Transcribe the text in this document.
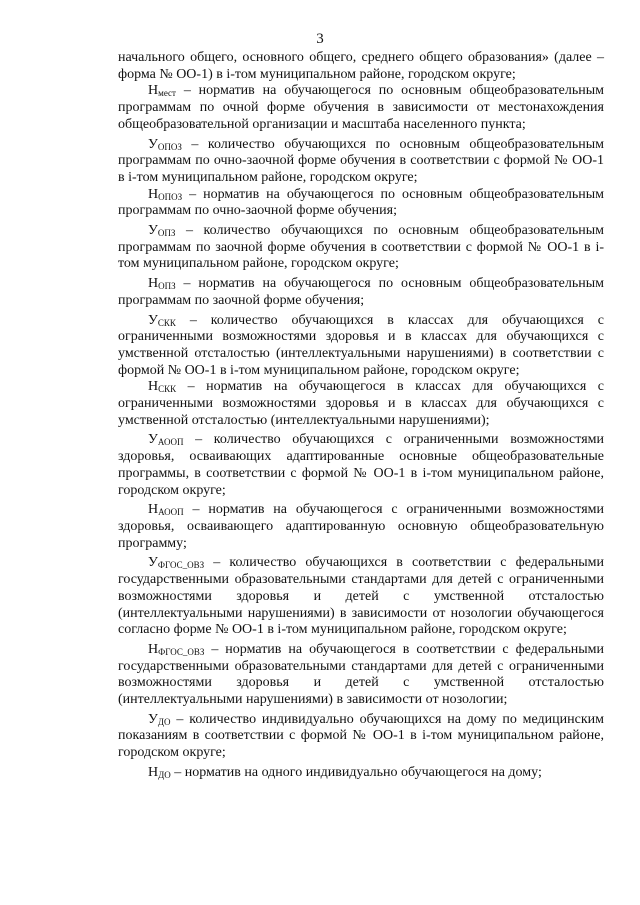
3

начального общего, основного общего, среднего общего образования» (далее – форма № ОО-1) в i-том муниципальном районе, городском округе;

$Н_{мест}$ – норматив на обучающегося по основным общеобразовательным программам по очной форме обучения в зависимости от местонахождения общеобразовательной организации и масштаба населенного пункта;

$У_{ОПОЗ}$ – количество обучающихся по основным общеобразовательным программам по очно-заочной форме обучения в соответствии с формой № ОО-1 в i-том муниципальном районе, городском округе;

$Н_{ОПОЗ}$ – норматив на обучающегося по основным общеобразовательным программам по очно-заочной форме обучения;

$У_{ОПЗ}$ – количество обучающихся по основным общеобразовательным программам по заочной форме обучения в соответствии с формой № ОО-1 в i-том муниципальном районе, городском округе;

$Н_{ОПЗ}$ – норматив на обучающегося по основным общеобразовательным программам по заочной форме обучения;

$У_{СКК}$ – количество обучающихся в классах для обучающихся с ограниченными возможностями здоровья и в классах для обучающихся с умственной отсталостью (интеллектуальными нарушениями) в соответствии с формой № ОО-1 в i-том муниципальном районе, городском округе;

$Н_{СКК}$ – норматив на обучающегося в классах для обучающихся с ограниченными возможностями здоровья и в классах для обучающихся с умственной отсталостью (интеллектуальными нарушениями);

$У_{АООП}$ – количество обучающихся с ограниченными возможностями здоровья, осваивающих адаптированные основные общеобразовательные программы, в соответствии с формой № ОО-1 в i-том муниципальном районе, городском округе;

$Н_{АООП}$ – норматив на обучающегося с ограниченными возможностями здоровья, осваивающего адаптированную основную общеобразовательную программу;

$У_{ФГОС\_ОВЗ}$ – количество обучающихся в соответствии с федеральными государственными образовательными стандартами для детей с ограниченными возможностями здоровья и детей с умственной отсталостью (интеллектуальными нарушениями) в зависимости от нозологии обучающегося согласно форме № ОО-1 в i-том муниципальном районе, городском округе;

$Н_{ФГОС\_ОВЗ}$ – норматив на обучающегося в соответствии с федеральными государственными образовательными стандартами для детей с ограниченными возможностями здоровья и детей с умственной отсталостью (интеллектуальными нарушениями) в зависимости от нозологии;

$У_{ДО}$ – количество индивидуально обучающихся на дому по медицинским показаниям в соответствии с формой № ОО-1 в i-том муниципальном районе, городском округе;

$Н_{ДО}$ – норматив на одного индивидуально обучающегося на дому;
